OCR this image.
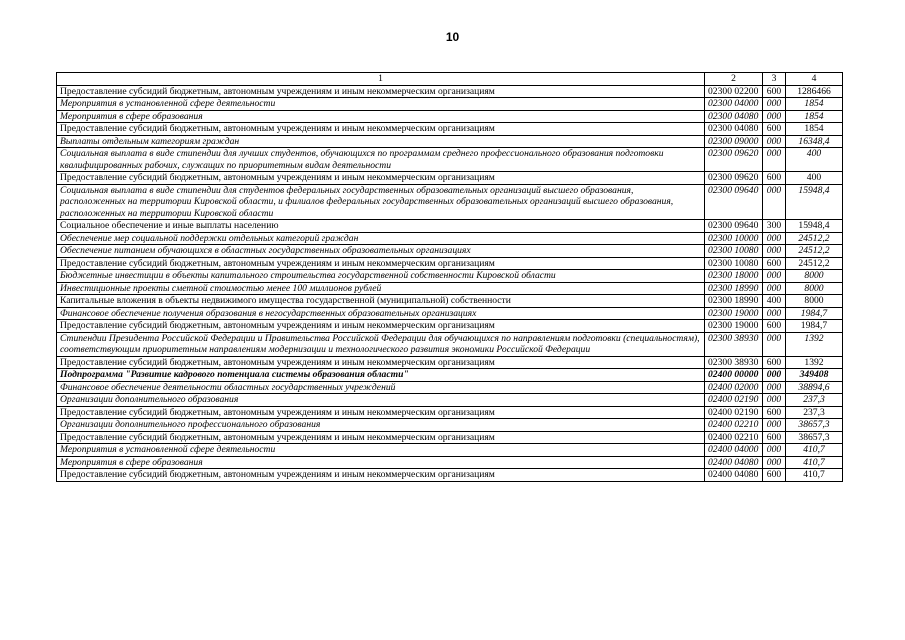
10
1	2	3	4
Предоставление субсидий бюджетным, автономным учреждениям и иным некоммерческим организациям	02300 02200	600	1286466
Мероприятия в установленной сфере деятельности	02300 04000	000	1854
Мероприятия в сфере образования	02300 04080	000	1854
Предоставление субсидий бюджетным, автономным учреждениям и иным некоммерческим организациям	02300 04080	600	1854
Выплаты отдельным категориям граждан	02300 09000	000	16348,4
Социальная выплата в виде стипендии для лучших студентов, обучающихся по программам среднего профессионального образования подготовки квалифицированных рабочих, служащих по приоритетным видам деятельности	02300 09620	000	400
Предоставление субсидий бюджетным, автономным учреждениям и иным некоммерческим организациям	02300 09620	600	400
Социальная выплата в виде стипендии для студентов федеральных государственных образовательных организаций высшего образования, расположенных на территории Кировской области, и филиалов федеральных государственных образовательных организаций высшего образования, расположенных на территории Кировской области	02300 09640	000	15948,4
Социальное обеспечение и иные выплаты населению	02300 09640	300	15948,4
Обеспечение мер социальной поддержки отдельных категорий граждан	02300 10000	000	24512,2
Обеспечение питанием обучающихся в областных государственных образовательных организациях	02300 10080	000	24512,2
Предоставление субсидий бюджетным, автономным учреждениям и иным некоммерческим организациям	02300 10080	600	24512,2
Бюджетные инвестиции в объекты капитального строительства государственной собственности Кировской области	02300 18000	000	8000
Инвестиционные проекты сметной стоимостью менее 100 миллионов рублей	02300 18990	000	8000
Капитальные вложения в объекты недвижимого имущества государственной (муниципальной) собственности	02300 18990	400	8000
Финансовое обеспечение получения образования в негосударственных образовательных организациях	02300 19000	000	1984,7
Предоставление субсидий бюджетным, автономным учреждениям и иным некоммерческим организациям	02300 19000	600	1984,7
Стипендии Президента Российской Федерации и Правительства Российской Федерации для обучающихся по направлениям подготовки (специальностям), соответствующим приоритетным направлениям модернизации и технологического развития экономики Российской Федерации	02300 38930	000	1392
Предоставление субсидий бюджетным, автономным учреждениям и иным некоммерческим организациям	02300 38930	600	1392
Подпрограмма "Развитие кадрового потенциала системы образования области"	02400 00000	000	349408
Финансовое обеспечение деятельности областных государственных учреждений	02400 02000	000	38894,6
Организации дополнительного образования	02400 02190	000	237,3
Предоставление субсидий бюджетным, автономным учреждениям и иным некоммерческим организациям	02400 02190	600	237,3
Организации дополнительного профессионального образования	02400 02210	000	38657,3
Предоставление субсидий бюджетным, автономным учреждениям и иным некоммерческим организациям	02400 02210	600	38657,3
Мероприятия в установленной сфере деятельности	02400 04000	000	410,7
Мероприятия в сфере образования	02400 04080	000	410,7
Предоставление субсидий бюджетным, автономным учреждениям и иным некоммерческим организациям	02400 04080	600	410,7
